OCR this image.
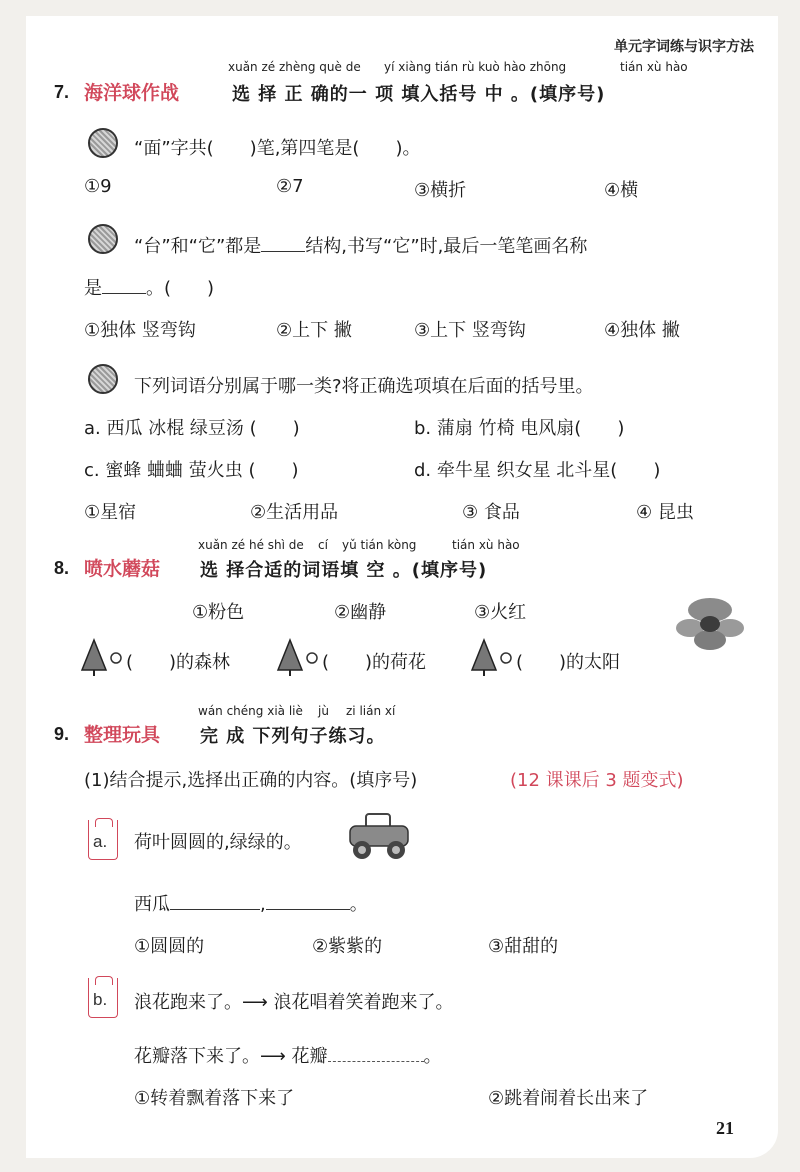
单元字词练与识字方法
xuǎn zé zhèng què de yí xiàng tián rù kuò hào zhōng	tián xù hào
7. 海洋球作战	选 择 正 确的一 项 填入括号 中 。(填序号)
“面”字共(　　)笔,第四笔是(　　)。
①9	②7	③横折	④横
“台”和“它”都是 结构,书写“它”时,最后一笔笔画名称
是 。(　　)
①独体 竖弯钩	②上下 撇	③上下 竖弯钩	④独体 撇
下列词语分别属于哪一类?将正确选项填在后面的括号里。
a. 西瓜 冰棍 绿豆汤 (　　)	b. 蒲扇 竹椅 电风扇(　　)
c. 蜜蜂 蛐蛐 萤火虫 (　　)	d. 牵牛星 织女星 北斗星(　　)
①星宿	②生活用品	③ 食品	④ 昆虫
xuǎn zé hé shì de cí yǔ tián kòng	tián xù hào
8. 喷水蘑菇 选 择合适的词语填 空 。(填序号)
①粉色	②幽静	③火红
(　　)的森林	(　　)的荷花	(　　)的太阳
wán chéng xià liè jù zi lián xí
9. 整理玩具 完 成 下列句子练习。
(1)结合提示,选择出正确的内容。(填序号)	(12 课课后 3 题变式)
a. 荷叶圆圆的,绿绿的。
西瓜	,	。
①圆圆的	②紫紫的	③甜甜的
b. 浪花跑来了。⟶ 浪花唱着笑着跑来了。
花瓣落下来了。⟶ 花瓣	。
①转着飘着落下来了	②跳着闹着长出来了
21
